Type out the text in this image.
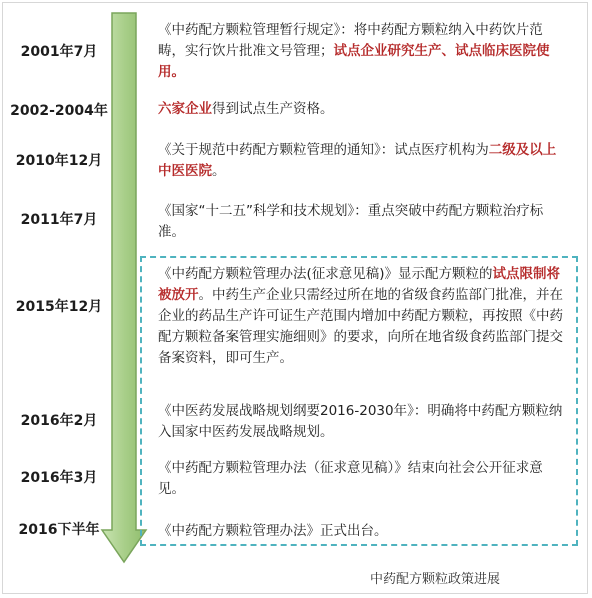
2001年7月
《中药配方颗粒管理暂行规定》：将中药配方颗粒纳入中药饮片范畴，实行饮片批准文号管理；试点企业研究生产、试点临床医院使用。
2002-2004年	六家企业得到试点生产资格。
2010年12月
《关于规范中药配方颗粒管理的通知》：试点医疗机构为二级及以上中医医院。
2011年7月
《国家“十二五”科学和技术规划》：重点突破中药配方颗粒治疗标准。
2015年12月
《中药配方颗粒管理办法(征求意见稿)》显示配方颗粒的试点限制将被放开。中药生产企业只需经过所在地的省级食药监部门批准，并在企业的药品生产许可证生产范围内增加中药配方颗粒，再按照《中药配方颗粒备案管理实施细则》的要求，向所在地省级食药监部门提交备案资料，即可生产。
2016年2月
《中医药发展战略规划纲要2016-2030年》：明确将中药配方颗粒纳入国家中医药发展战略规划。
2016年3月
《中药配方颗粒管理办法（征求意见稿）》结束向社会公开征求意见。
2016下半年	《中药配方颗粒管理办法》正式出台。
中药配方颗粒政策进展
